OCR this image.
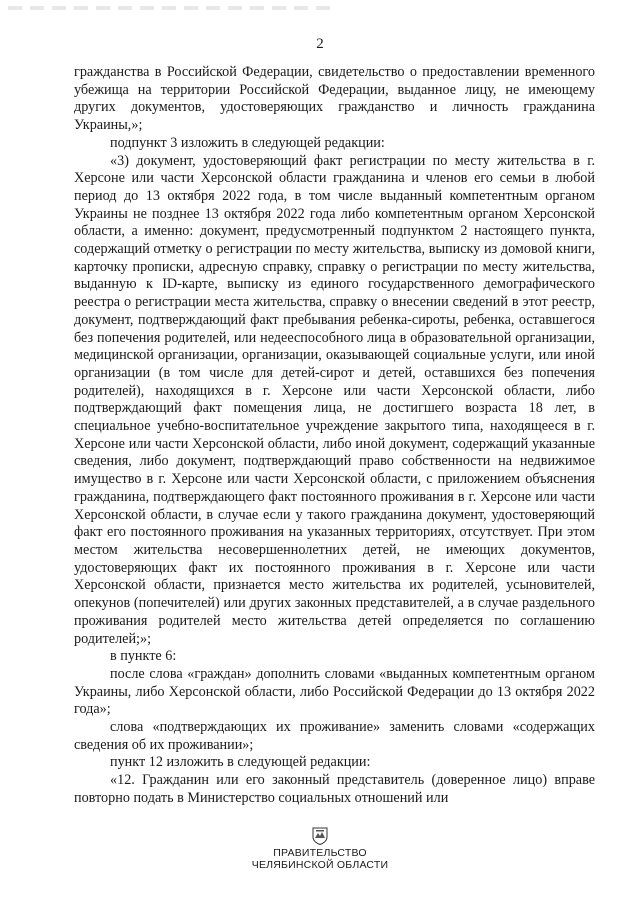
2

гражданства в Российской Федерации, свидетельство о предоставлении временного убежища на территории Российской Федерации, выданное лицу, не имеющему других документов, удостоверяющих гражданство и личность гражданина Украины,»;

подпункт 3 изложить в следующей редакции:

«3) документ, удостоверяющий факт регистрации по месту жительства в г. Херсоне или части Херсонской области гражданина и членов его семьи в любой период до 13 октября 2022 года, в том числе выданный компетентным органом Украины не позднее 13 октября 2022 года либо компетентным органом Херсонской области, а именно: документ, предусмотренный подпунктом 2 настоящего пункта, содержащий отметку о регистрации по месту жительства, выписку из домовой книги, карточку прописки, адресную справку, справку о регистрации по месту жительства, выданную к ID-карте, выписку из единого государственного демографического реестра о регистрации места жительства, справку о внесении сведений в этот реестр, документ, подтверждающий факт пребывания ребенка-сироты, ребенка, оставшегося без попечения родителей, или недееспособного лица в образовательной организации, медицинской организации, организации, оказывающей социальные услуги, или иной организации (в том числе для детей-сирот и детей, оставшихся без попечения родителей), находящихся в г. Херсоне или части Херсонской области, либо подтверждающий факт помещения лица, не достигшего возраста 18 лет, в специальное учебно-воспитательное учреждение закрытого типа, находящееся в г. Херсоне или части Херсонской области, либо иной документ, содержащий указанные сведения, либо документ, подтверждающий право собственности на недвижимое имущество в г. Херсоне или части Херсонской области, с приложением объяснения гражданина, подтверждающего факт постоянного проживания в г. Херсоне или части Херсонской области, в случае если у такого гражданина документ, удостоверяющий факт его постоянного проживания на указанных территориях, отсутствует. При этом местом жительства несовершеннолетних детей, не имеющих документов, удостоверяющих факт их постоянного проживания в г. Херсоне или части Херсонской области, признается место жительства их родителей, усыновителей, опекунов (попечителей) или других законных представителей, а в случае раздельного проживания родителей место жительства детей определяется по соглашению родителей;»;

в пункте 6:

после слова «граждан» дополнить словами «выданных компетентным органом Украины, либо Херсонской области, либо Российской Федерации до 13 октября 2022 года»;

слова «подтверждающих их проживание» заменить словами «содержащих сведения об их проживании»;

пункт 12 изложить в следующей редакции:

«12. Гражданин или его законный представитель (доверенное лицо) вправе повторно подать в Министерство социальных отношений или

ПРАВИТЕЛЬСТВО
ЧЕЛЯБИНСКОЙ ОБЛАСТИ
